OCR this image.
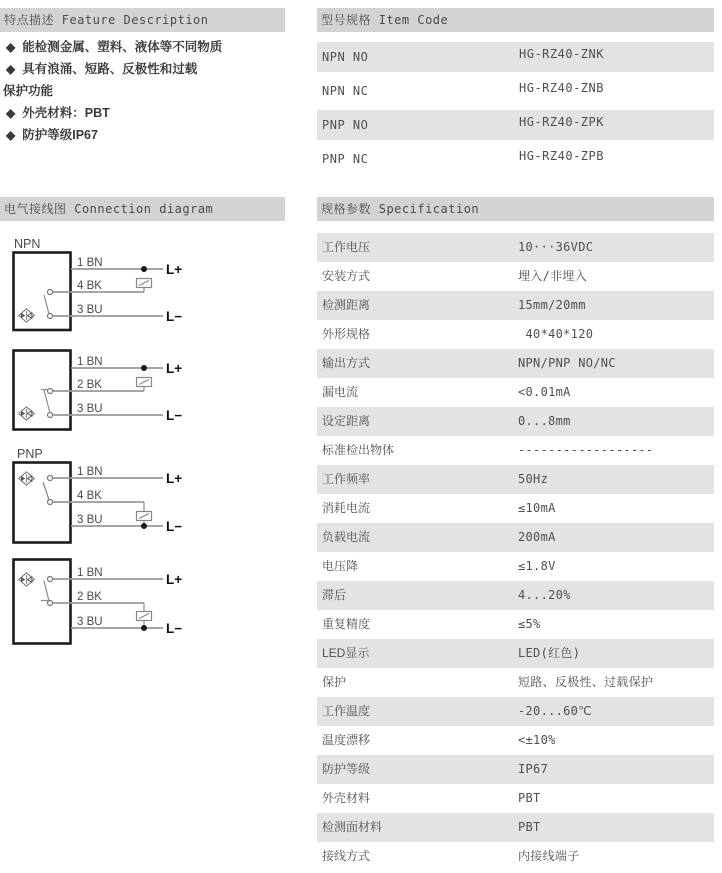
特点描述 Feature Description	型号规格 Item Code
电气接线图 Connection diagram	规格参数 Specification
◆ 能检测金属、塑料、液体等不同物质
◆ 具有浪涌、短路、反极性和过载
保护功能
◆ 外壳材料：PBT
◆ 防护等级IP67
NPN NO	HG-RZ40-ZNK
NPN NC	HG-RZ40-ZNB
PNP NO	HG-RZ40-ZPK
PNP NC	HG-RZ40-ZPB
NPN
1 BN
4 BK
3 BU
L+
L−
1 BN
2 BK
3 BU
L+
L−
PNP
1 BN
4 BK
3 BU
L+
L−
1 BN
2 BK
3 BU
L+
L−
工作电压	10···36VDC
安装方式	埋入/非埋入
检测距离	15mm/20mm
外形规格	40*40*120
输出方式	NPN/PNP NO/NC
漏电流	<0.01mA
设定距离	0...8mm
标准检出物体	------------------
工作频率	50Hz
消耗电流	≤10mA
负载电流	200mA
电压降	≤1.8V
滞后	4...20%
重复精度	≤5%
LED显示	LED(红色)
保护	短路、反极性、过载保护
工作温度	-20...60℃
温度漂移	<±10%
防护等级	IP67
外壳材料	PBT
检测面材料	PBT
接线方式	内接线端子
